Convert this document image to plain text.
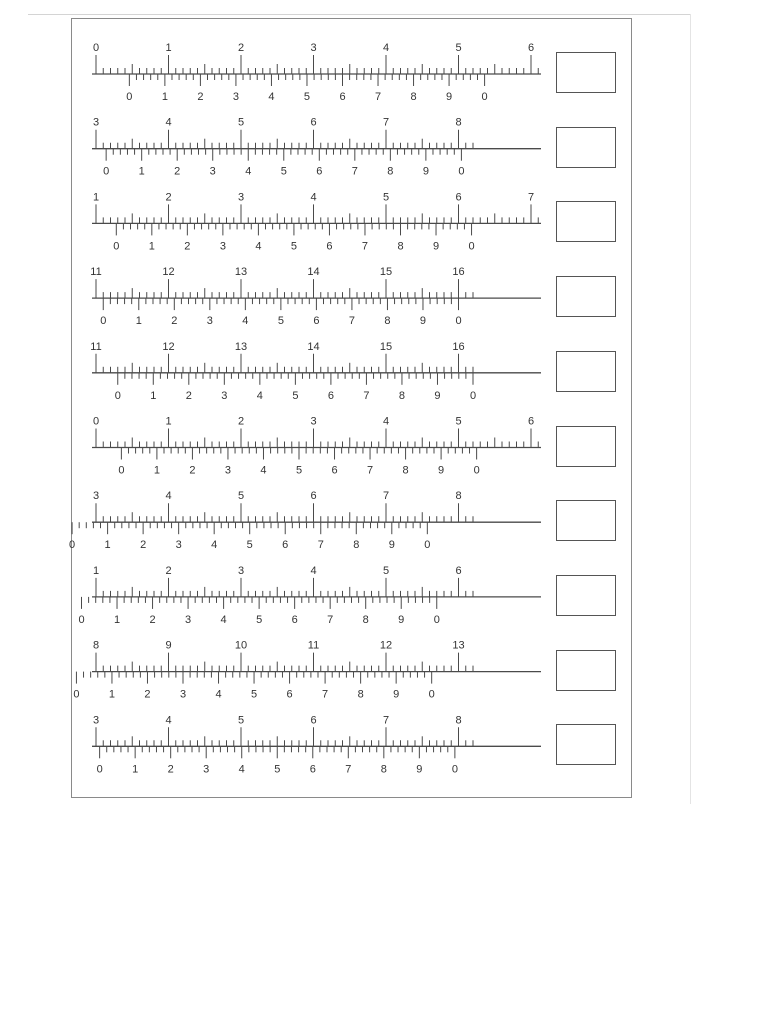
0	1	2	3	4	5	6
0	1	2	3	4	5	6	7	8	9	0
3	4	5	6	7	8
0	1	2	3	4	5	6	7	8	9	0
1	2	3	4	5	6	7
0	1	2	3	4	5	6	7	8	9	0
11	12	13	14	15	16
0	1	2	3	4	5	6	7	8	9	0
11	12	13	14	15	16
0	1	2	3	4	5	6	7	8	9	0
0	1	2	3	4	5	6
0	1	2	3	4	5	6	7	8	9	0
3	4	5	6	7	8
0	1	2	3	4	5	6	7	8	9	0
1	2	3	4	5	6
0	1	2	3	4	5	6	7	8	9	0
8	9	10	11	12	13
0	1	2	3	4	5	6	7	8	9	0
3	4	5	6	7	8
0	1	2	3	4	5	6	7	8	9	0
